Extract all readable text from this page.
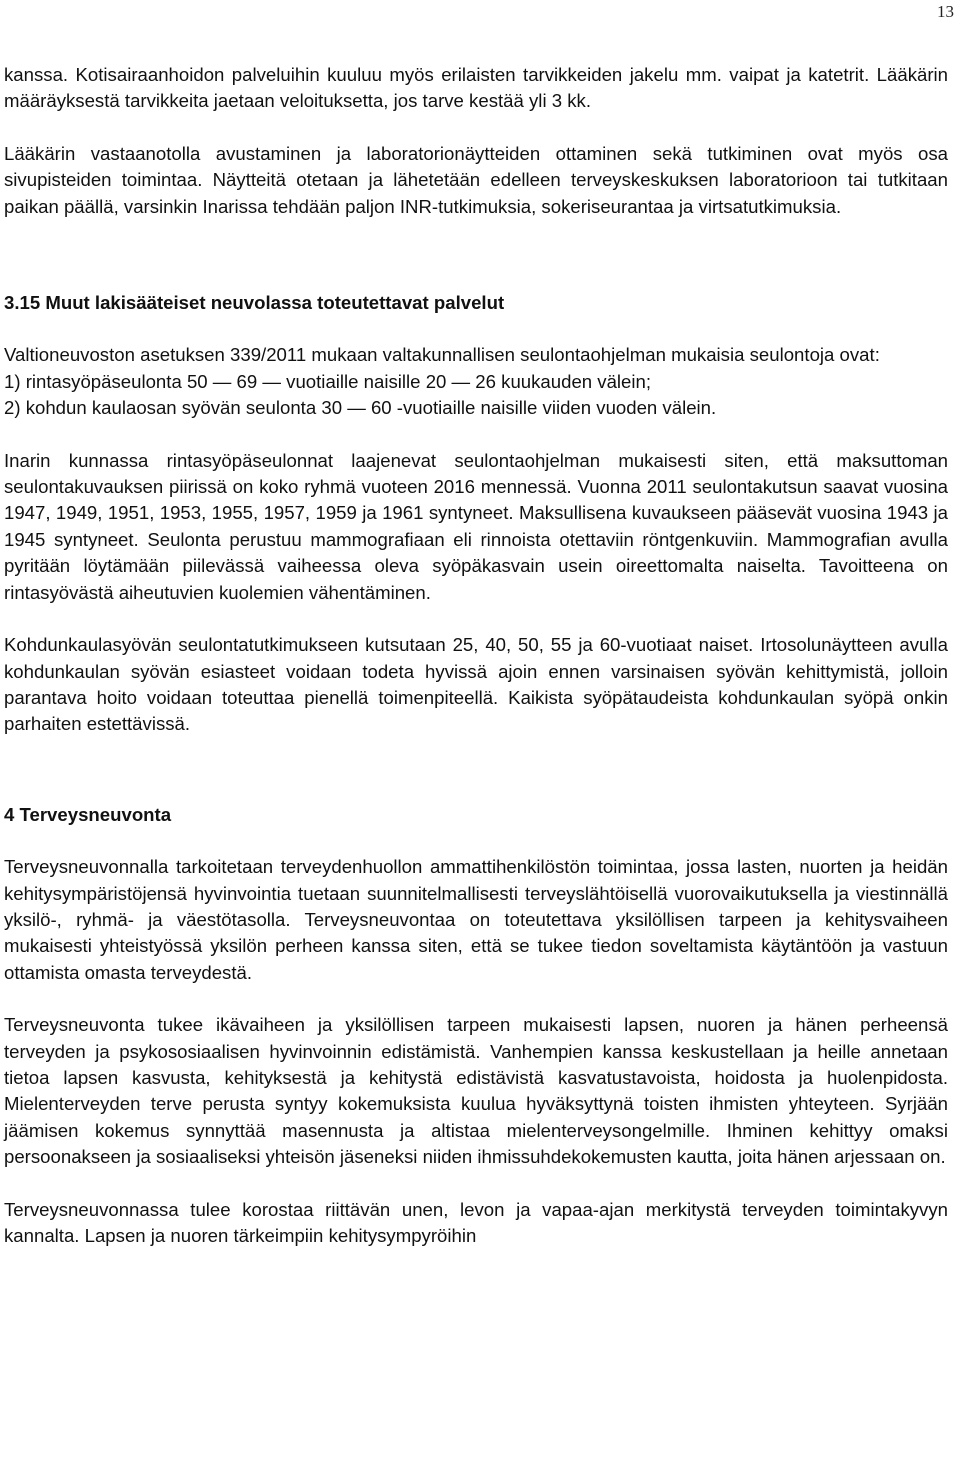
13

kanssa. Kotisairaanhoidon palveluihin kuuluu myös erilaisten tarvikkeiden jakelu mm. vaipat ja katetrit. Lääkärin määräyksestä tarvikkeita jaetaan veloituksetta, jos tarve kestää yli 3 kk.

Lääkärin vastaanotolla avustaminen ja laboratorionäytteiden ottaminen sekä tutkiminen ovat myös osa sivupisteiden toimintaa. Näytteitä otetaan ja lähetetään edelleen terveyskeskuksen laboratorioon tai tutkitaan paikan päällä, varsinkin Inarissa tehdään paljon INR-tutkimuksia, sokeriseurantaa ja virtsatutkimuksia.

3.15 Muut lakisääteiset neuvolassa toteutettavat palvelut

Valtioneuvoston asetuksen 339/2011 mukaan valtakunnallisen seulontaohjelman mukaisia seulontoja ovat:

1) rintasyöpäseulonta 50 — 69 — vuotiaille naisille 20 — 26 kuukauden välein;

2) kohdun kaulaosan syövän seulonta 30 — 60 -vuotiaille naisille viiden vuoden välein.

Inarin kunnassa rintasyöpäseulonnat laajenevat seulontaohjelman mukaisesti siten, että maksuttoman seulontakuvauksen piirissä on koko ryhmä vuoteen 2016 mennessä. Vuonna 2011 seulontakutsun saavat vuosina 1947, 1949, 1951, 1953, 1955, 1957, 1959 ja 1961 syntyneet. Maksullisena kuvaukseen pääsevät vuosina 1943 ja 1945 syntyneet. Seulonta perustuu mammografiaan eli rinnoista otettaviin röntgenkuviin. Mammografian avulla pyritään löytämään piilevässä vaiheessa oleva syöpäkasvain usein oireettomalta naiselta. Tavoitteena on rintasyövästä aiheutuvien kuolemien vähentäminen.

Kohdunkaulasyövän seulontatutkimukseen kutsutaan 25, 40, 50, 55 ja 60-vuotiaat naiset. Irtosolunäytteen avulla kohdunkaulan syövän esiasteet voidaan todeta hyvissä ajoin ennen varsinaisen syövän kehittymistä, jolloin parantava hoito voidaan toteuttaa pienellä toimenpiteellä. Kaikista syöpätaudeista kohdunkaulan syöpä onkin parhaiten estettävissä.

4 Terveysneuvonta

Terveysneuvonnalla tarkoitetaan terveydenhuollon ammattihenkilöstön toimintaa, jossa lasten, nuorten ja heidän kehitysympäristöjensä hyvinvointia tuetaan suunnitelmallisesti terveyslähtöisellä vuorovaikutuksella ja viestinnällä yksilö-, ryhmä- ja väestötasolla. Terveysneuvontaa on toteutettava yksilöllisen tarpeen ja kehitysvaiheen mukaisesti yhteistyössä yksilön perheen kanssa siten, että se tukee tiedon soveltamista käytäntöön ja vastuun ottamista omasta terveydestä.

Terveysneuvonta tukee ikävaiheen ja yksilöllisen tarpeen mukaisesti lapsen, nuoren ja hänen perheensä terveyden ja psykososiaalisen hyvinvoinnin edistämistä. Vanhempien kanssa keskustellaan ja heille annetaan tietoa lapsen kasvusta, kehityksestä ja kehitystä edistävistä kasvatustavoista, hoidosta ja huolenpidosta. Mielenterveyden terve perusta syntyy kokemuksista kuulua hyväksyttynä toisten ihmisten yhteyteen. Syrjään jäämisen kokemus synnyttää masennusta ja altistaa mielenterveysongelmille. Ihminen kehittyy omaksi persoonakseen ja sosiaaliseksi yhteisön jäseneksi niiden ihmissuhdekokemusten kautta, joita hänen arjessaan on.

Terveysneuvonnassa tulee korostaa riittävän unen, levon ja vapaa-ajan merkitystä terveyden toimintakyvyn kannalta. Lapsen ja nuoren tärkeimpiin kehitysympyröihin
